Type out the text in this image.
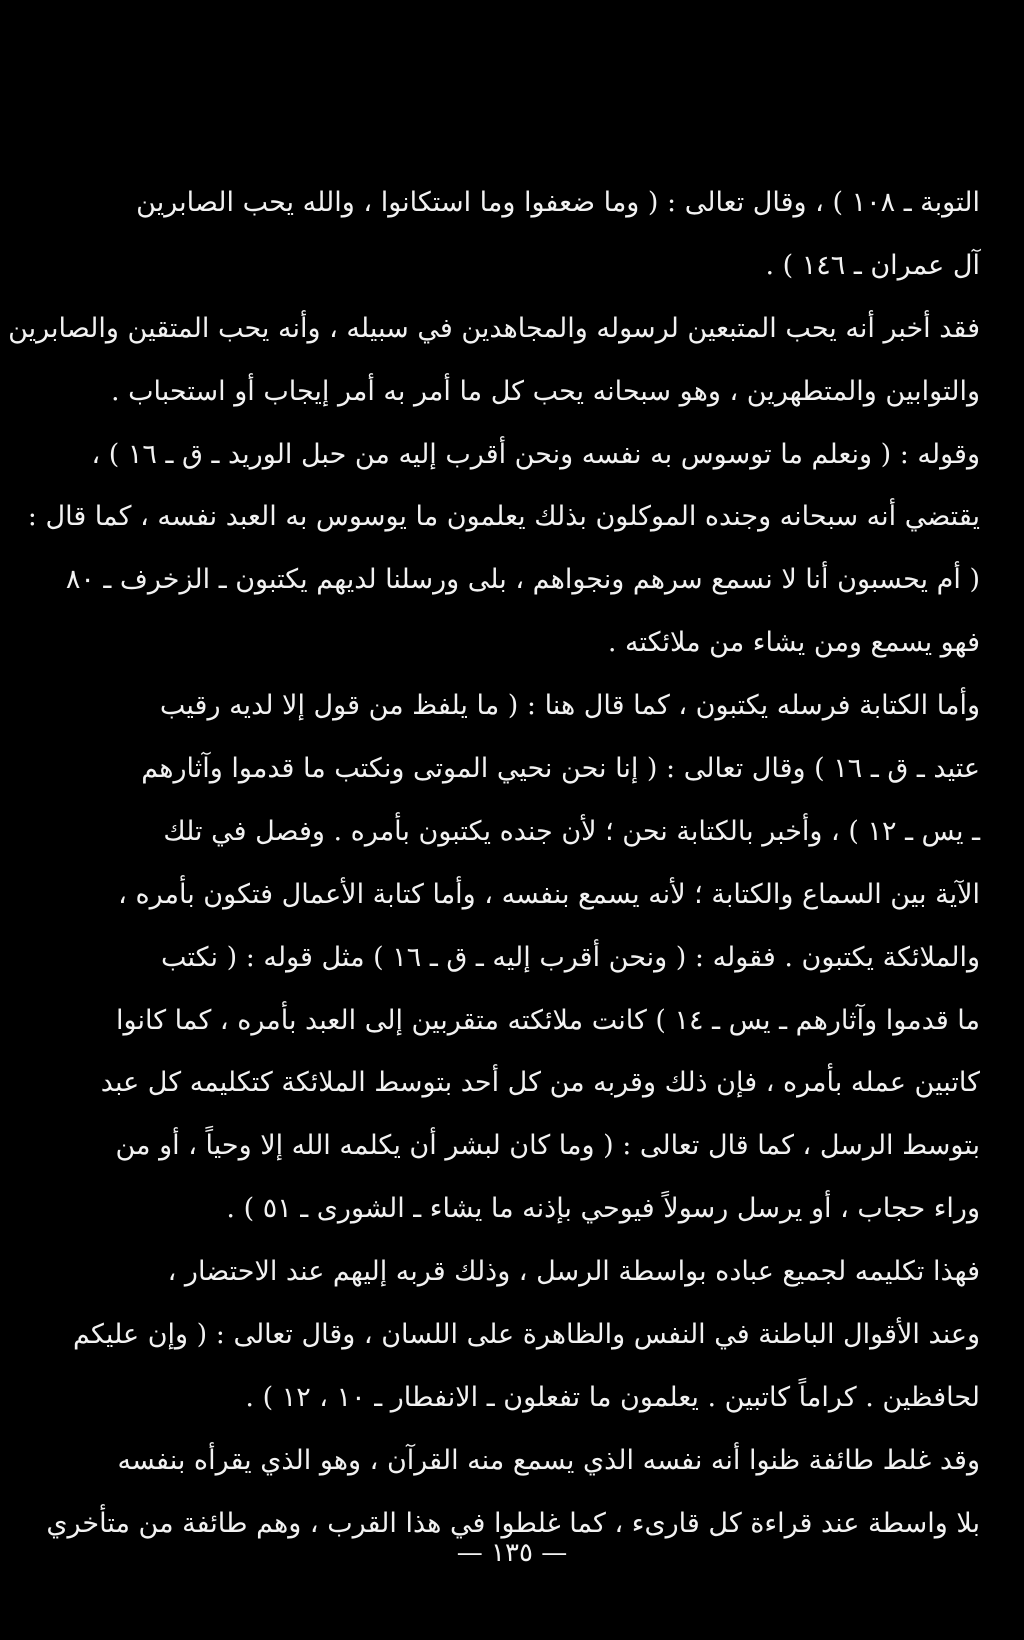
التوبة ـ ١٠٨ ) ، وقال تعالى : ( وما ضعفوا وما استكانوا ، والله يحب الصابرين
آل عمران ـ ١٤٦ ) .
فقد أخبر أنه يحب المتبعين لرسوله والمجاهدين في سبيله ، وأنه يحب المتقين والصابرين
والتوابين والمتطهرين ، وهو سبحانه يحب كل ما أمر به أمر إيجاب أو استحباب .
وقوله : ( ونعلم ما توسوس به نفسه ونحن أقرب إليه من حبل الوريد ـ ق ـ ١٦ ) ،
يقتضي أنه سبحانه وجنده الموكلون بذلك يعلمون ما يوسوس به العبد نفسه ، كما قال :
( أم يحسبون أنا لا نسمع سرهم ونجواهم ، بلى ورسلنا لديهم يكتبون ـ الزخرف ـ ٨٠
فهو يسمع ومن يشاء من ملائكته .
وأما الكتابة فرسله يكتبون ، كما قال هنا : ( ما يلفظ من قول إلا لديه رقيب
عتيد ـ ق ـ ١٦ ) وقال تعالى : ( إنا نحن نحيي الموتى ونكتب ما قدموا وآثارهم
ـ يس ـ ١٢ ) ، وأخبر بالكتابة نحن ؛ لأن جنده يكتبون بأمره . وفصل في تلك
الآية بين السماع والكتابة ؛ لأنه يسمع بنفسه ، وأما كتابة الأعمال فتكون بأمره ،
والملائكة يكتبون . فقوله : ( ونحن أقرب إليه ـ ق ـ ١٦ ) مثل قوله : ( نكتب
ما قدموا وآثارهم ـ يس ـ ١٤ ) كانت ملائكته متقربين إلى العبد بأمره ، كما كانوا
كاتبين عمله بأمره ، فإن ذلك وقربه من كل أحد بتوسط الملائكة كتكليمه كل عبد
بتوسط الرسل ، كما قال تعالى : ( وما كان لبشر أن يكلمه الله إلا وحياً ، أو من
وراء حجاب ، أو يرسل رسولاً فيوحي بإذنه ما يشاء ـ الشورى ـ ٥١ ) .
فهذا تكليمه لجميع عباده بواسطة الرسل ، وذلك قربه إليهم عند الاحتضار ،
وعند الأقوال الباطنة في النفس والظاهرة على اللسان ، وقال تعالى : ( وإن عليكم
لحافظين . كراماً كاتبين . يعلمون ما تفعلون ـ الانفطار ـ ١٠ ، ١٢ ) .
وقد غلط طائفة ظنوا أنه نفسه الذي يسمع منه القرآن ، وهو الذي يقرأه بنفسه
بلا واسطة عند قراءة كل قارىء ، كما غلطوا في هذا القرب ، وهم طائفة من متأخري
— ١٣٥ —
